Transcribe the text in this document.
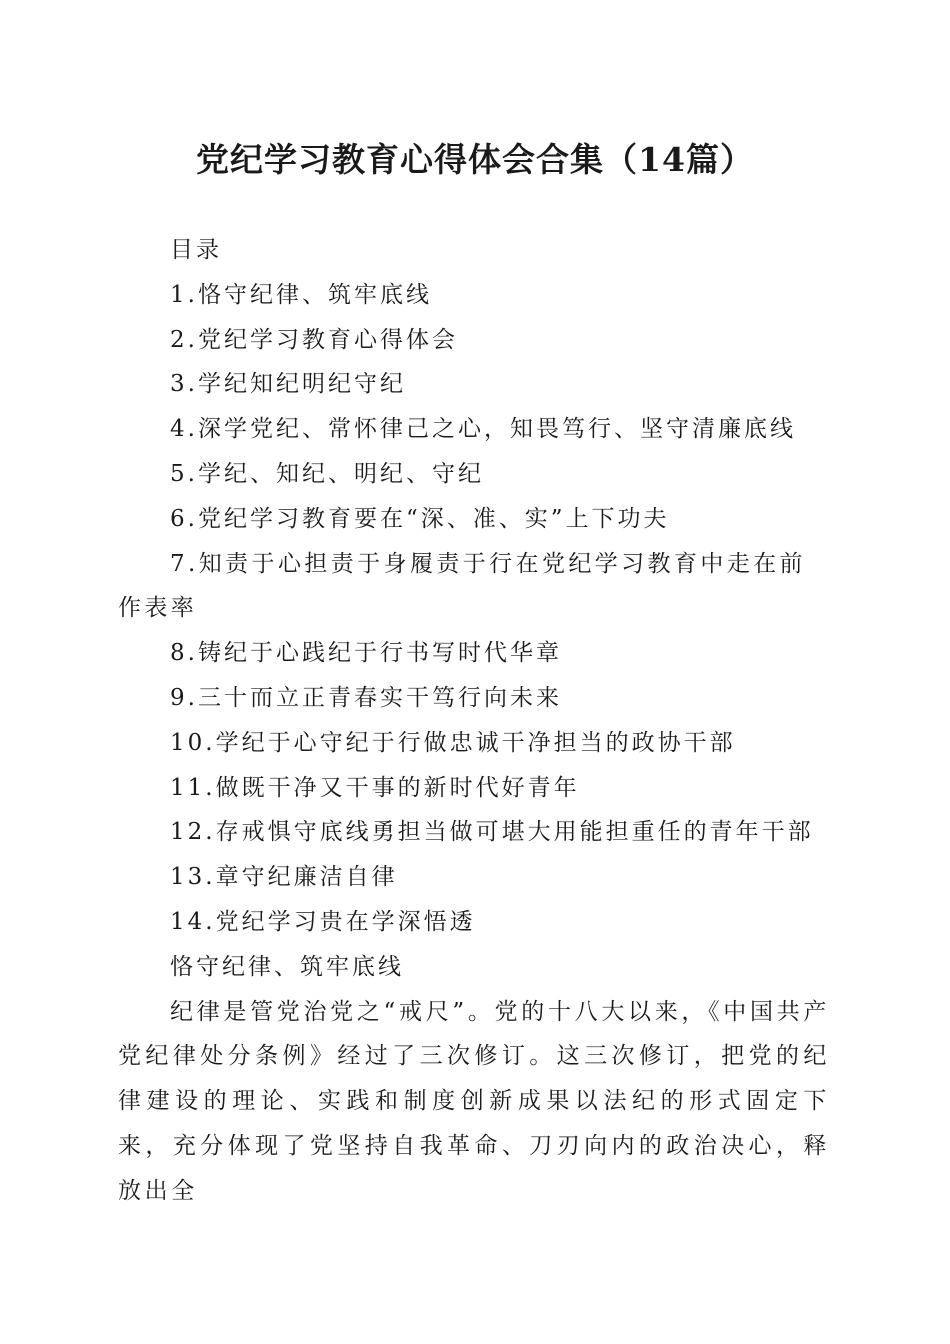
党纪学习教育心得体会合集（14篇）
目录
1.恪守纪律、筑牢底线
2.党纪学习教育心得体会
3.学纪知纪明纪守纪
4.深学党纪、常怀律己之心，知畏笃行、坚守清廉底线
5.学纪、知纪、明纪、守纪
6.党纪学习教育要在“深、准、实”上下功夫
7.知责于心担责于身履责于行在党纪学习教育中走在前作表率
8.铸纪于心践纪于行书写时代华章
9.三十而立正青春实干笃行向未来
10.学纪于心守纪于行做忠诚干净担当的政协干部
11.做既干净又干事的新时代好青年
12.存戒惧守底线勇担当做可堪大用能担重任的青年干部
13.章守纪廉洁自律
14.党纪学习贵在学深悟透
恪守纪律、筑牢底线
纪律是管党治党之“戒尺”。党的十八大以来，《中国共产党纪律处分条例》经过了三次修订。这三次修订，把党的纪律建设的理论、实践和制度创新成果以法纪的形式固定下来，充分体现了党坚持自我革命、刀刃向内的政治决心，释放出全
